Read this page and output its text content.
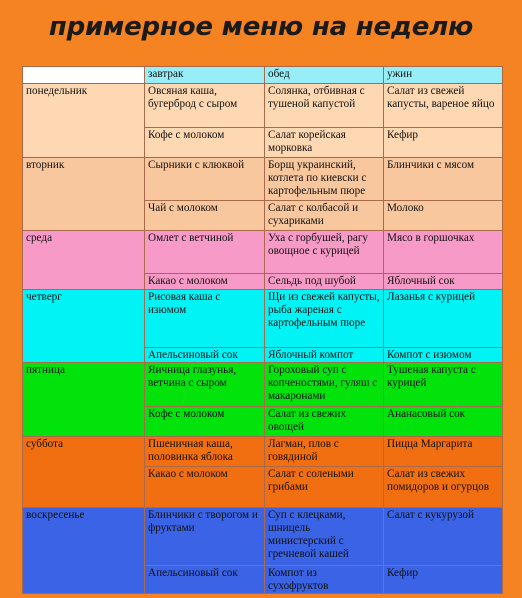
примерное меню на неделю
	завтрак	обед	ужин
понедельник	Овсяная каша, бугерброд с сыром	Солянка, отбивная с тушеной капустой	Салат из свежей капусты, вареное яйцо
	Кофе с молоком	Салат корейская морковка	Кефир
вторник	Сырники с клюквой	Борщ украинский, котлета по киевски с картофельным пюре	Блинчики с мясом
	Чай с молоком	Салат с колбасой и сухариками	Молоко
среда	Омлет с ветчиной	Уха с горбушей, рагу овощное с курицей	Мясо в горшочках
	Какао с молоком	Сельдь под шубой	Яблочный сок
четверг	Рисовая каша с изюмом	Щи из свежей капусты, рыба жареная с картофельным пюре	Лазанья с курицей
	Апельсиновый сок	Яблочный компот	Компот с изюмом
пятница	Яичница глазунья, ветчина с сыром	Гороховый суп с копченостями, гуляш с макаронами	Тушеная капуста с курицей
	Кофе с молоком	Салат из свежих овощей	Ананасовый сок
суббота	Пшеничная каша, половинка яблока	Лагман, плов с говядиной	Пицца Маргарита
	Какао с молоком	Салат с солеными грибами	Салат из свежих помидоров и огурцов
воскресенье	Блинчики с творогом и фруктами	Суп с клецками, шницель министерский с гречневой кашей	Салат с кукурузой
	Апельсиновый сок	Компот из сухофруктов	Кефир
